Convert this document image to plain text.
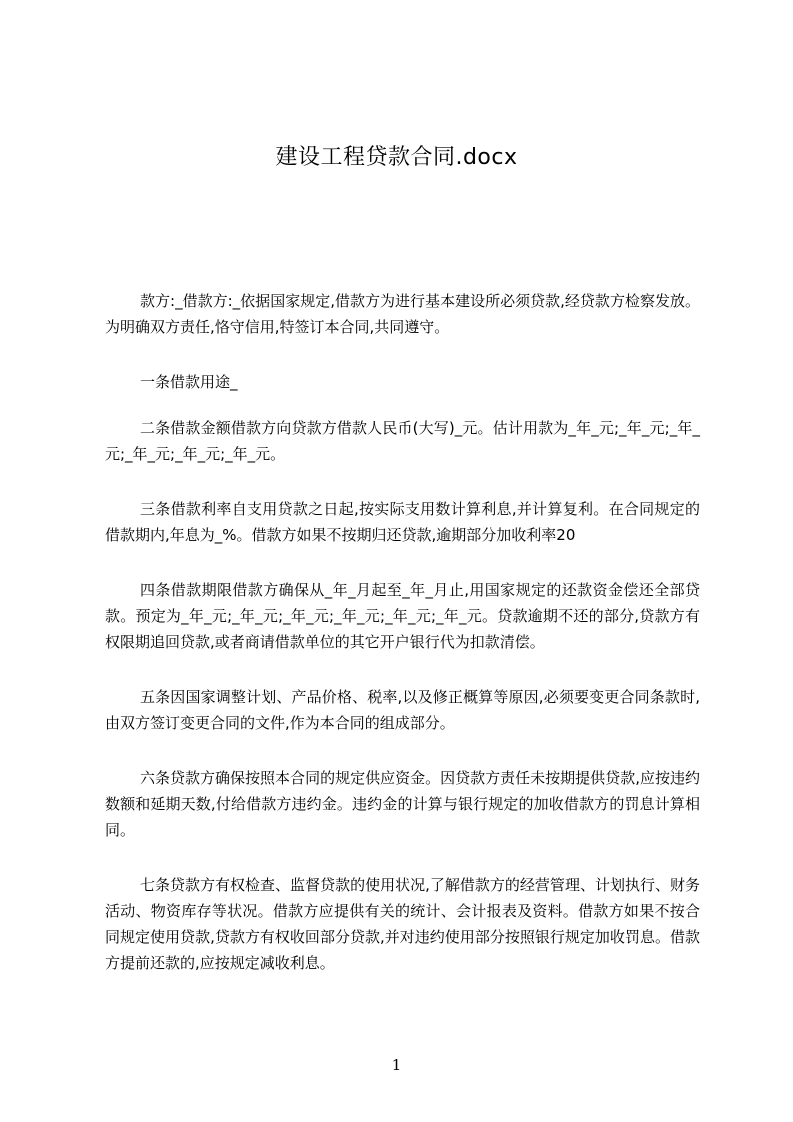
建设工程贷款合同.docx

款方:_借款方:_依据国家规定,借款方为进行基本建设所必须贷款,经贷款方检察发放。为明确双方责任,恪守信用,特签订本合同,共同遵守。

一条借款用途_

二条借款金额借款方向贷款方借款人民币(大写)_元。估计用款为_年_元;_年_元;_年_元;_年_元;_年_元;_年_元。

三条借款利率自支用贷款之日起,按实际支用数计算利息,并计算复利。在合同规定的借款期内,年息为_%。借款方如果不按期归还贷款,逾期部分加收利率20

四条借款期限借款方确保从_年_月起至_年_月止,用国家规定的还款资金偿还全部贷款。预定为_年_元;_年_元;_年_元;_年_元;_年_元;_年_元。贷款逾期不还的部分,贷款方有权限期追回贷款,或者商请借款单位的其它开户银行代为扣款清偿。

五条因国家调整计划、产品价格、税率,以及修正概算等原因,必须要变更合同条款时,由双方签订变更合同的文件,作为本合同的组成部分。

六条贷款方确保按照本合同的规定供应资金。因贷款方责任未按期提供贷款,应按违约数额和延期天数,付给借款方违约金。违约金的计算与银行规定的加收借款方的罚息计算相同。

七条贷款方有权检查、监督贷款的使用状况,了解借款方的经营管理、计划执行、财务活动、物资库存等状况。借款方应提供有关的统计、会计报表及资料。借款方如果不按合同规定使用贷款,贷款方有权收回部分贷款,并对违约使用部分按照银行规定加收罚息。借款方提前还款的,应按规定减收利息。

1
